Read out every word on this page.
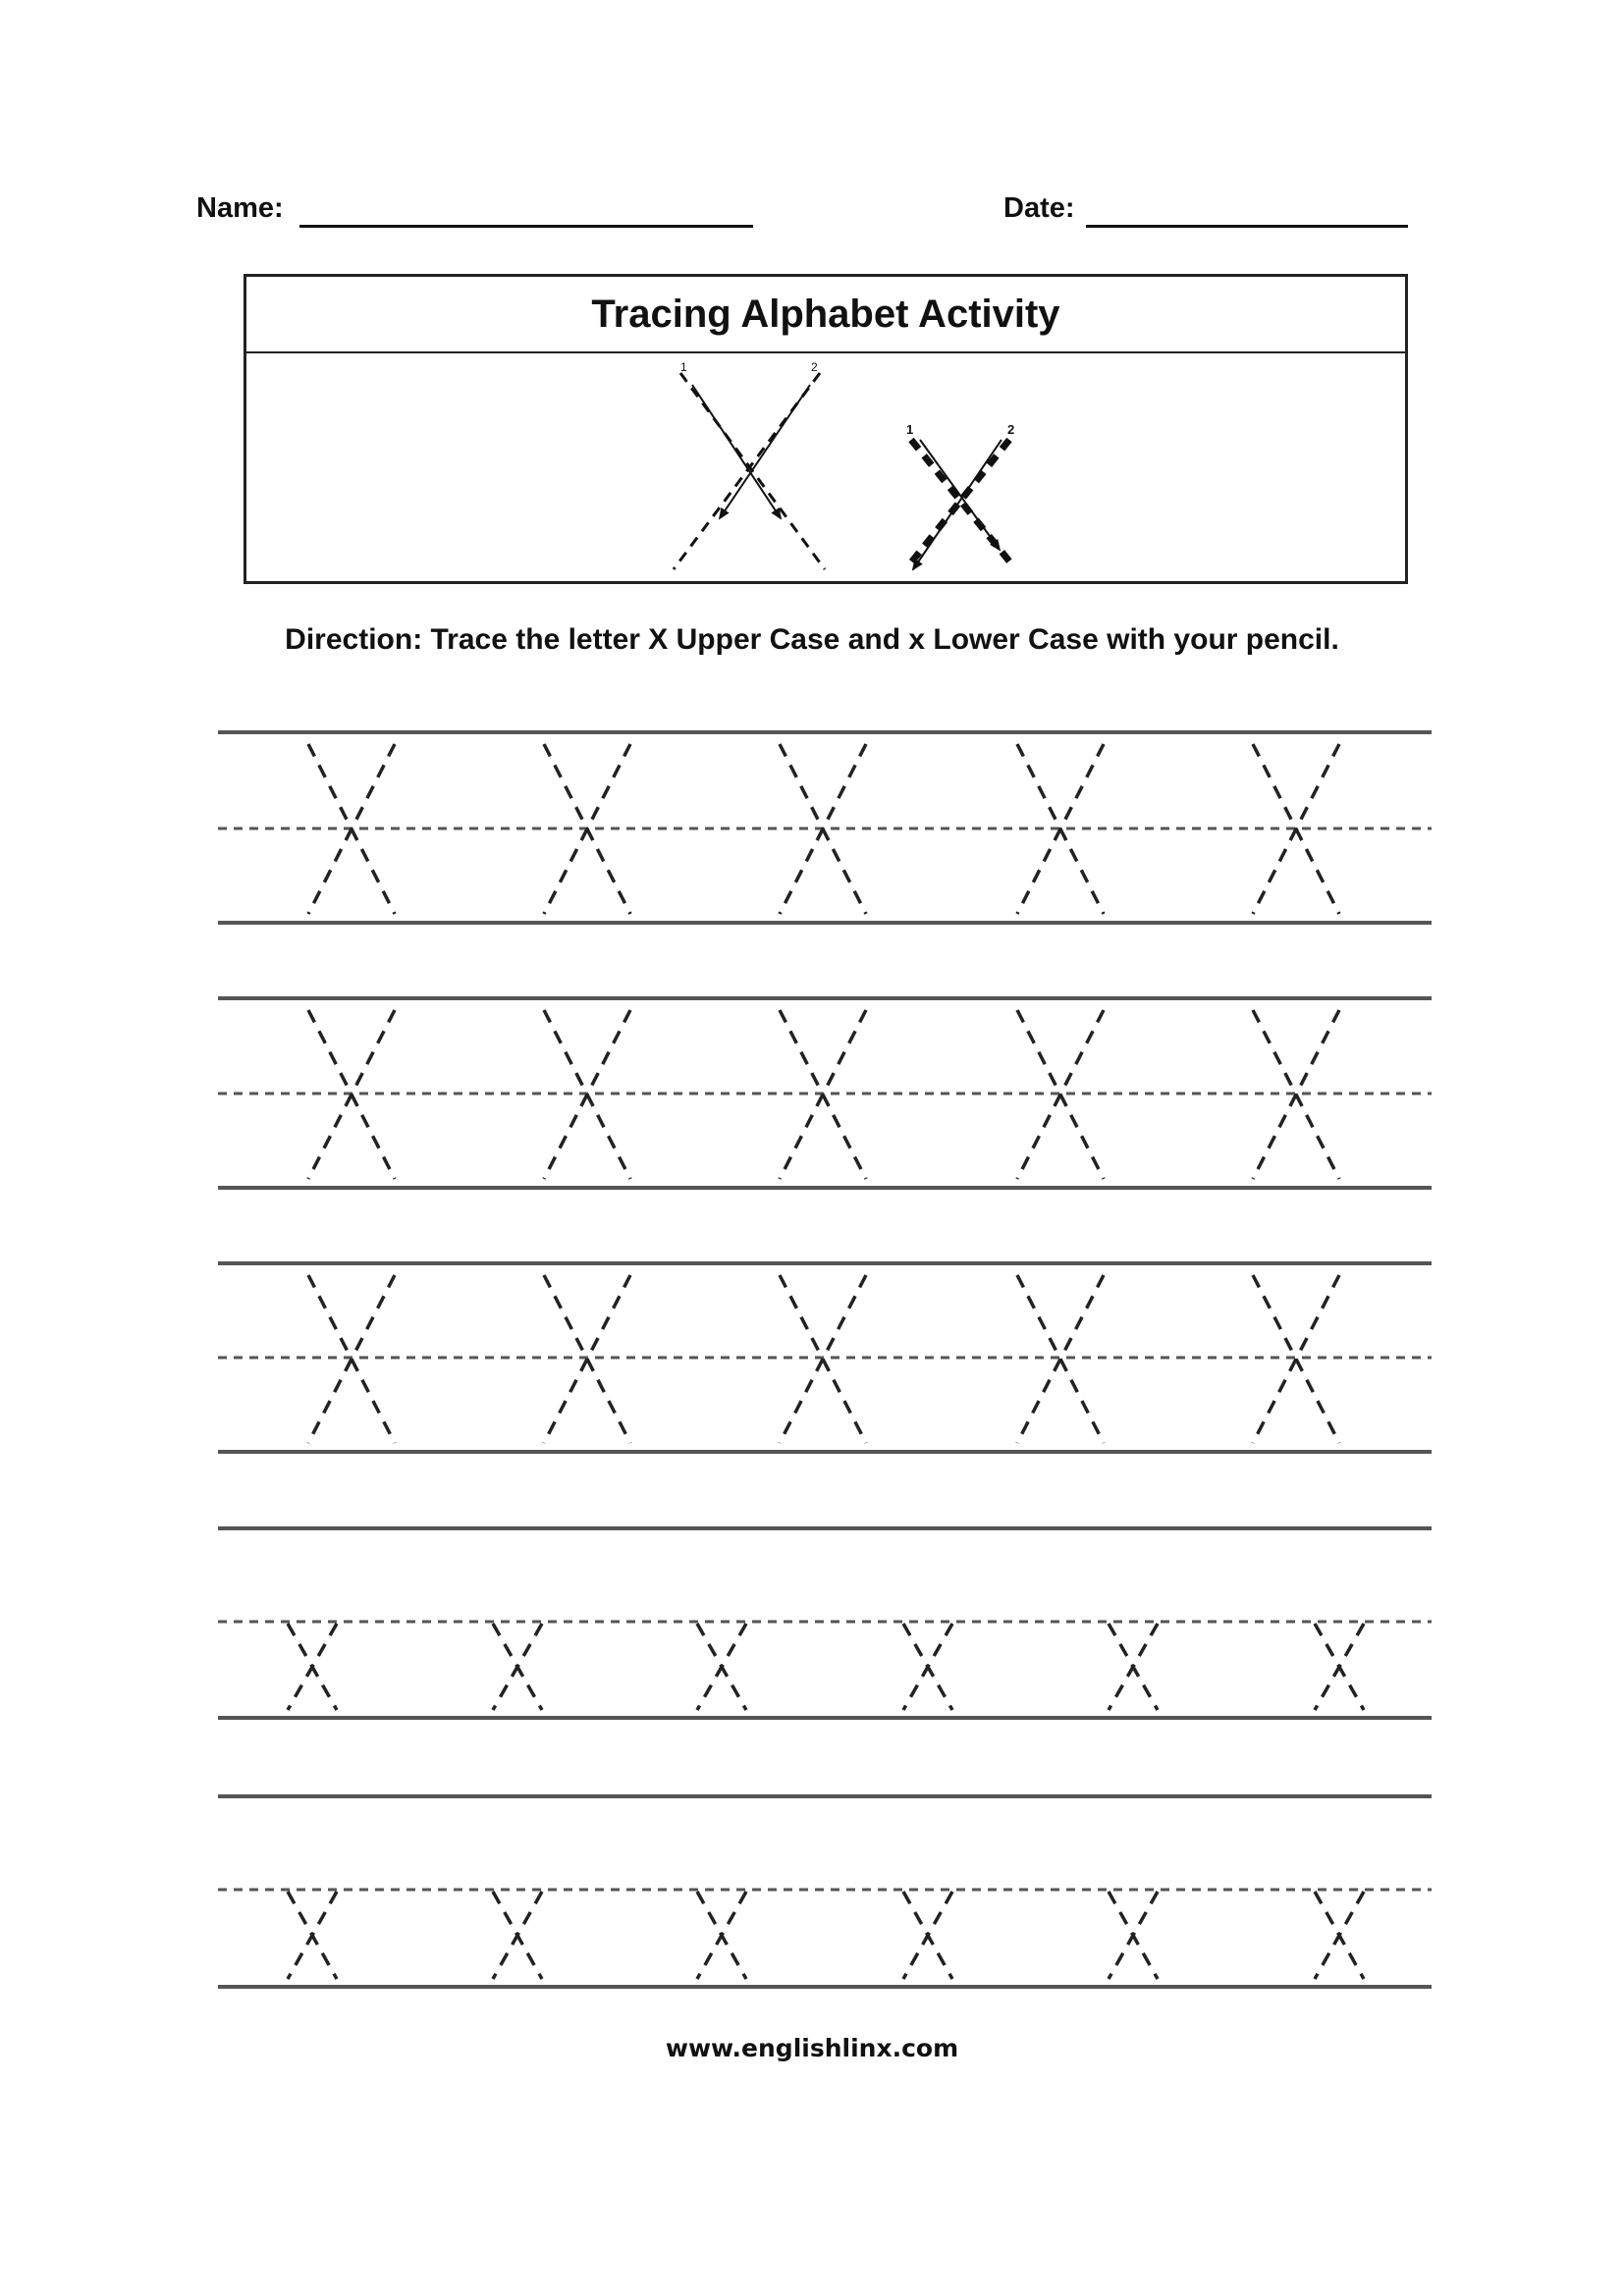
Name:	Date:
Tracing Alphabet Activity
1	2
1	2
Direction: Trace the letter X Upper Case and x Lower Case with your pencil.
www.englishlinx.com
